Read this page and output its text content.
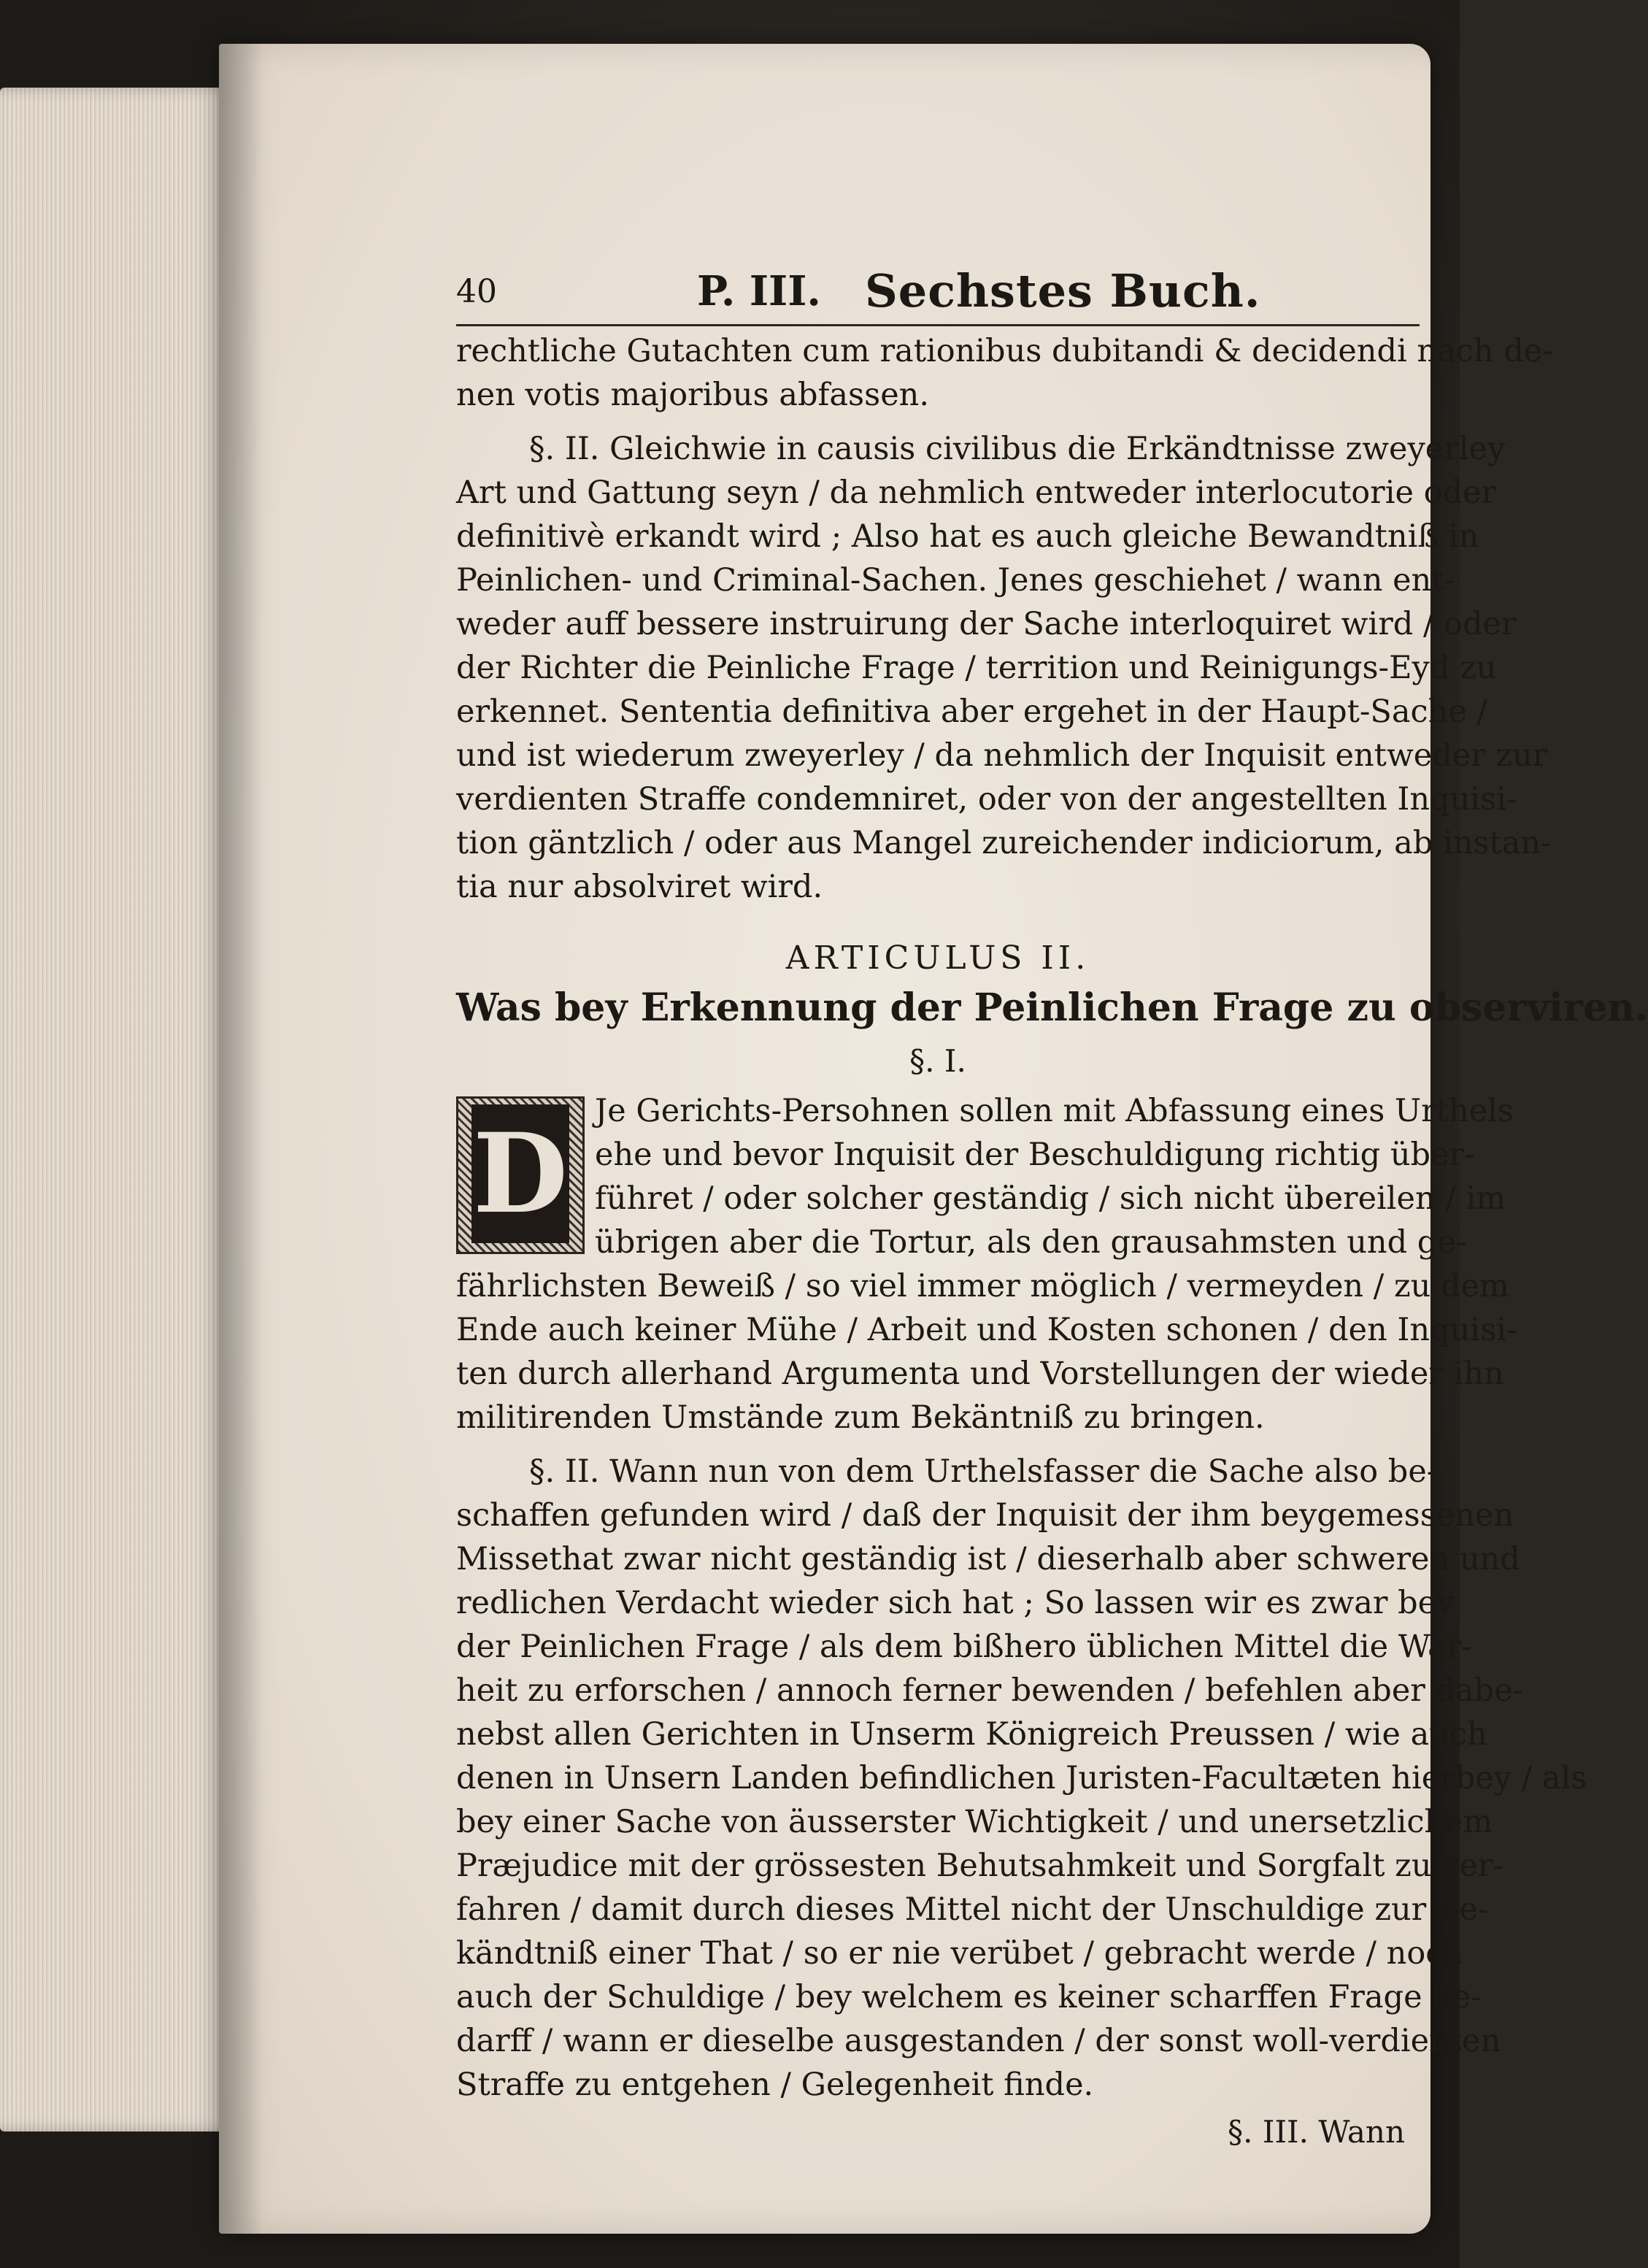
40	P. III. Sechstes Buch.

rechtliche Gutachten cum rationibus dubitandi & decidendi nach de-

nen votis majoribus abfassen.

§. II. Gleichwie in causis civilibus die Erkändtnisse zweyerley

Art und Gattung seyn / da nehmlich entweder interlocutorie oder

definitivè erkandt wird ; Also hat es auch gleiche Bewandtniß in

Peinlichen- und Criminal-Sachen. Jenes geschiehet / wann ent-

weder auff bessere instruirung der Sache interloquiret wird / oder

der Richter die Peinliche Frage / territion und Reinigungs-Eyd zu

erkennet. Sententia definitiva aber ergehet in der Haupt-Sache /

und ist wiederum zweyerley / da nehmlich der Inquisit entweder zur

verdienten Straffe condemniret, oder von der angestellten Inquisi-

tion gäntzlich / oder aus Mangel zureichender indiciorum, ab instan-

tia nur absolviret wird.

ARTICULUS II.
Was bey Erkennung der Peinlichen Frage zu observiren.
§. I.
D Je Gerichts-Persohnen sollen mit Abfassung eines Urthels

ehe und bevor Inquisit der Beschuldigung richtig über-

führet / oder solcher geständig / sich nicht übereilen / im

übrigen aber die Tortur, als den grausahmsten und ge-

fährlichsten Beweiß / so viel immer möglich / vermeyden / zu dem

Ende auch keiner Mühe / Arbeit und Kosten schonen / den Inquisi-

ten durch allerhand Argumenta und Vorstellungen der wieder ihn

militirenden Umstände zum Bekäntniß zu bringen.

§. II. Wann nun von dem Urthelsfasser die Sache also be-

schaffen gefunden wird / daß der Inquisit der ihm beygemessenen

Missethat zwar nicht geständig ist / dieserhalb aber schweren und

redlichen Verdacht wieder sich hat ; So lassen wir es zwar bey

der Peinlichen Frage / als dem bißhero üblichen Mittel die War-

heit zu erforschen / annoch ferner bewenden / befehlen aber dabe-

nebst allen Gerichten in Unserm Königreich Preussen / wie auch

denen in Unsern Landen befindlichen Juristen-Facultæten hierbey / als

bey einer Sache von äusserster Wichtigkeit / und unersetzlichem

Præjudice mit der grössesten Behutsahmkeit und Sorgfalt zu ver-

fahren / damit durch dieses Mittel nicht der Unschuldige zur Be-

kändtniß einer That / so er nie verübet / gebracht werde / noch

auch der Schuldige / bey welchem es keiner scharffen Frage be-

darff / wann er dieselbe ausgestanden / der sonst woll-verdienten

Straffe zu entgehen / Gelegenheit finde.

§. III. Wann
